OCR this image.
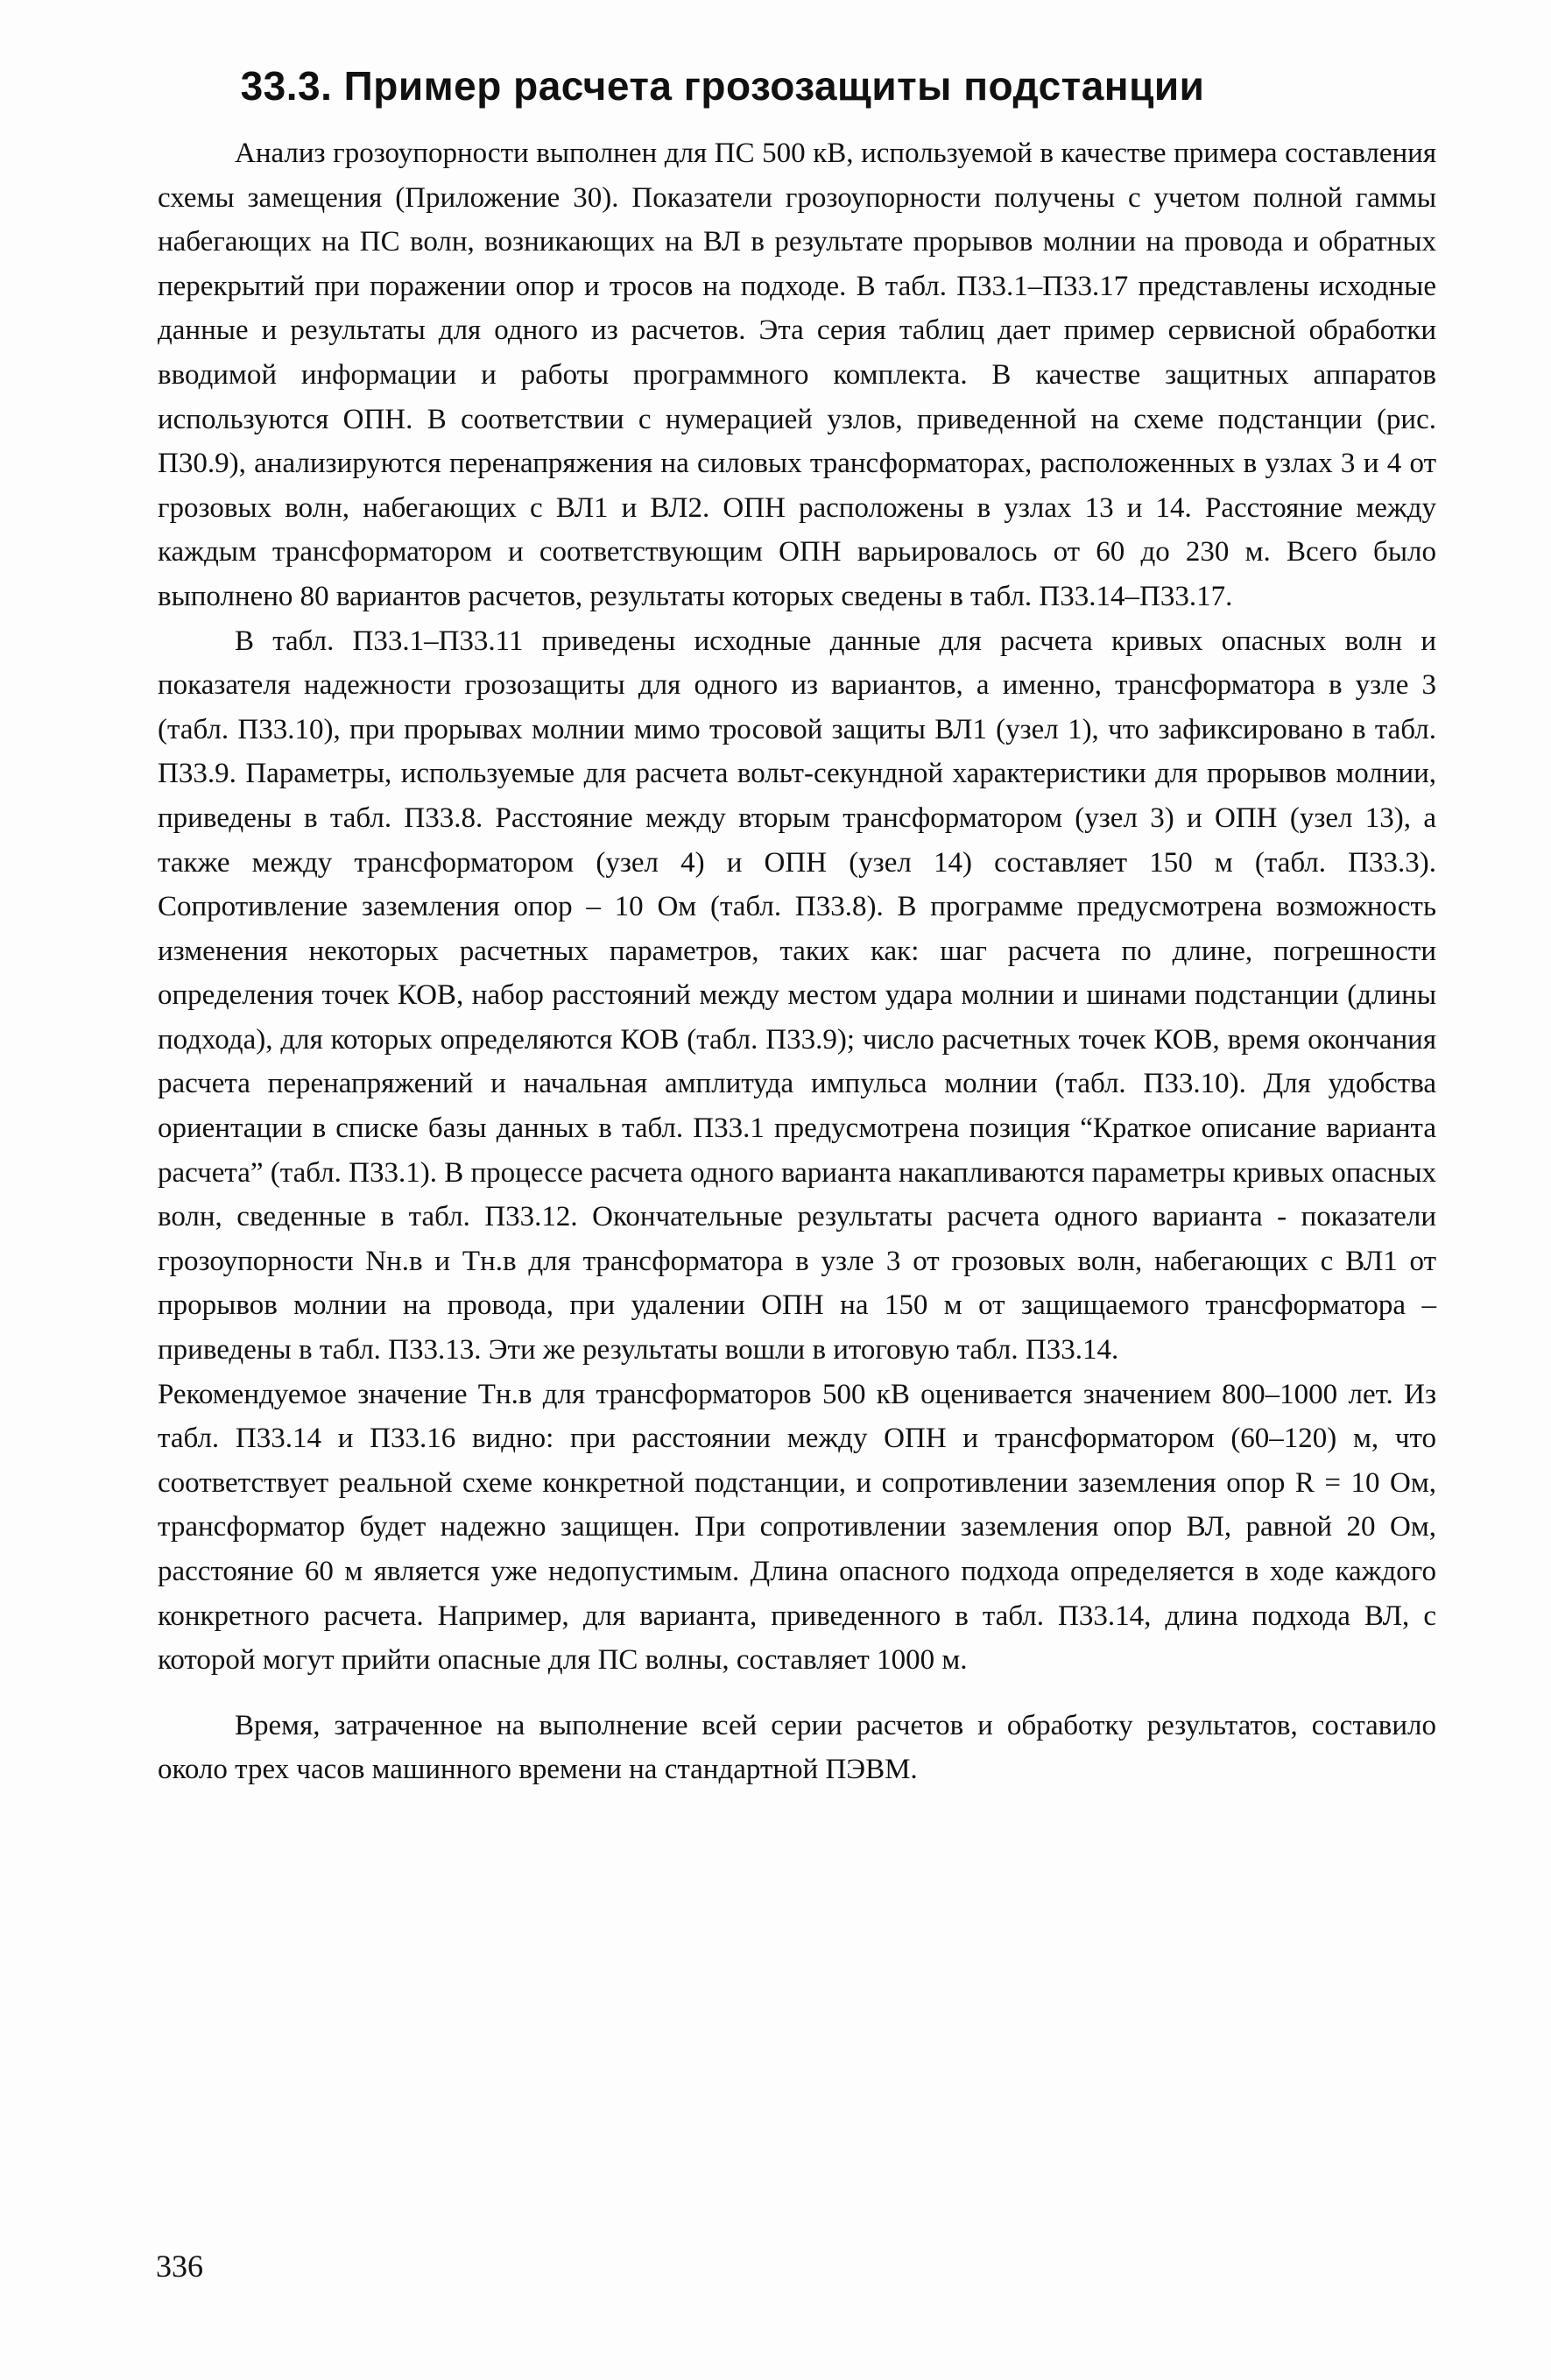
33.3. Пример расчета грозозащиты подстанции

Анализ грозоупорности выполнен для ПС 500 кВ, используемой в качестве примера составления схемы замещения (Приложение 30). Показатели грозоупорности получены с учетом полной гаммы набегающих на ПС волн, возникающих на ВЛ в результате прорывов молнии на провода и обратных перекрытий при поражении опор и тросов на подходе. В табл. П33.1–П33.17 представлены исходные данные и результаты для одного из расчетов. Эта серия таблиц дает пример сервисной обработки вводимой информации и работы программного комплекта. В качестве защитных аппаратов используются ОПН. В соответствии с нумерацией узлов, приведенной на схеме подстанции (рис. П30.9), анализируются перенапряжения на силовых трансформаторах, расположенных в узлах 3 и 4 от грозовых волн, набегающих с ВЛ1 и ВЛ2. ОПН расположены в узлах 13 и 14. Расстояние между каждым трансформатором и соответствующим ОПН варьировалось от 60 до 230 м. Всего было выполнено 80 вариантов расчетов, результаты которых сведены в табл. П33.14–П33.17.

В табл. П33.1–П33.11 приведены исходные данные для расчета кривых опасных волн и показателя надежности грозозащиты для одного из вариантов, а именно, трансформатора в узле 3 (табл. П33.10), при прорывах молнии мимо тросовой защиты ВЛ1 (узел 1), что зафиксировано в табл. П33.9. Параметры, используемые для расчета вольт-секундной характеристики для прорывов молнии, приведены в табл. П33.8. Расстояние между вторым трансформатором (узел 3) и ОПН (узел 13), а также между трансформатором (узел 4) и ОПН (узел 14) составляет 150 м (табл. П33.3). Сопротивление заземления опор – 10 Ом (табл. П33.8). В программе предусмотрена возможность изменения некоторых расчетных параметров, таких как: шаг расчета по длине, погрешности определения точек КОВ, набор расстояний между местом удара молнии и шинами подстанции (длины подхода), для которых определяются КОВ (табл. П33.9); число расчетных точек КОВ, время окончания расчета перенапряжений и начальная амплитуда импульса молнии (табл. П33.10). Для удобства ориентации в списке базы данных в табл. П33.1 предусмотрена позиция “Краткое описание варианта расчета” (табл. П33.1). В процессе расчета одного варианта накапливаются параметры кривых опасных волн, сведенные в табл. П33.12. Окончательные результаты расчета одного варианта - показатели грозоупорности Nн.в и Tн.в для трансформатора в узле 3 от грозовых волн, набегающих с ВЛ1 от прорывов молнии на провода, при удалении ОПН на 150 м от защищаемого трансформатора – приведены в табл. П33.13. Эти же результаты вошли в итоговую табл. П33.14.

Рекомендуемое значение Tн.в для трансформаторов 500 кВ оценивается значением 800–1000 лет. Из табл. П33.14 и П33.16 видно: при расстоянии между ОПН и трансформатором (60–120) м, что соответствует реальной схеме конкретной подстанции, и сопротивлении заземления опор R = 10 Ом, трансформатор будет надежно защищен. При сопротивлении заземления опор ВЛ, равной 20 Ом, расстояние 60 м является уже недопустимым. Длина опасного подхода определяется в ходе каждого конкретного расчета. Например, для варианта, приведенного в табл. П33.14, длина подхода ВЛ, с которой могут прийти опасные для ПС волны, составляет 1000 м.

Время, затраченное на выполнение всей серии расчетов и обработку результатов, составило около трех часов машинного времени на стандартной ПЭВМ.

336
